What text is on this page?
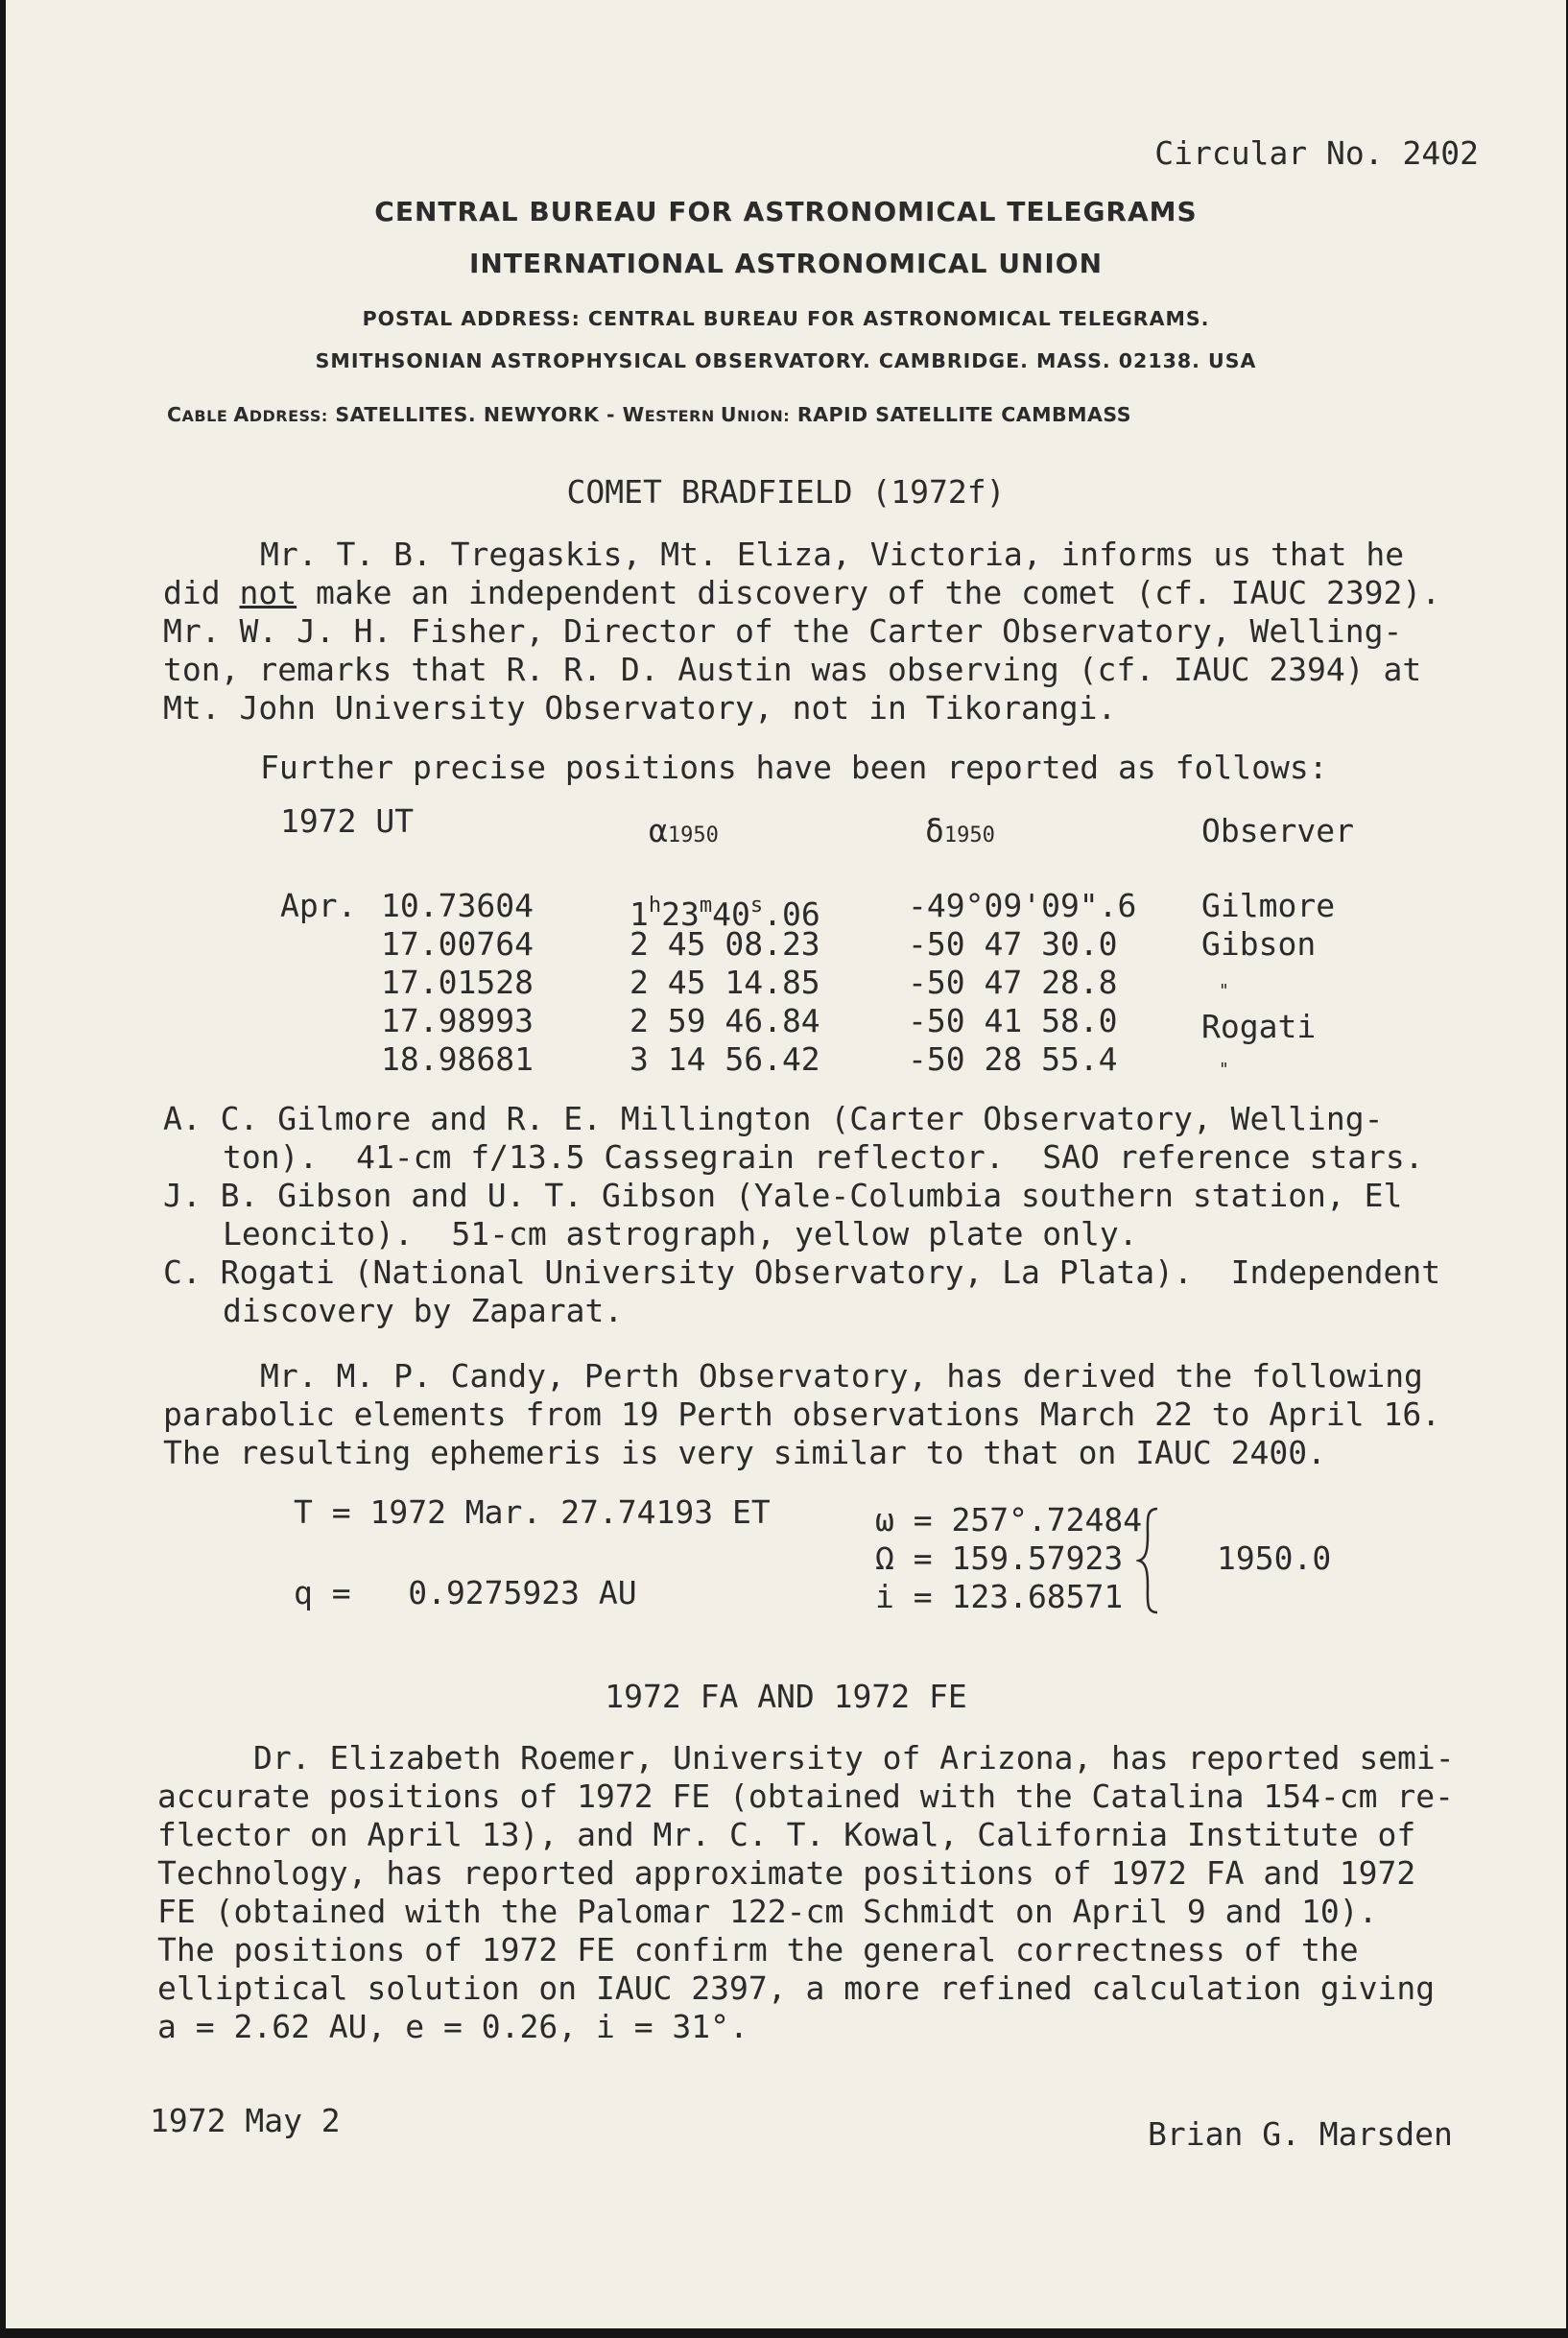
Circular No. 2402
CENTRAL BUREAU FOR ASTRONOMICAL TELEGRAMS
INTERNATIONAL ASTRONOMICAL UNION
POSTAL ADDRESS: CENTRAL BUREAU FOR ASTRONOMICAL TELEGRAMS.
SMITHSONIAN ASTROPHYSICAL OBSERVATORY. CAMBRIDGE. MASS. 02138. USA
CABLE ADDRESS: SATELLITES. NEWYORK - WESTERN UNION: RAPID SATELLITE CAMBMASS
COMET BRADFIELD (1972f)
Mr. T. B. Tregaskis, Mt. Eliza, Victoria, informs us that he
did not make an independent discovery of the comet (cf. IAUC 2392).
Mr. W. J. H. Fisher, Director of the Carter Observatory, Welling-
ton, remarks that R. R. D. Austin was observing (cf. IAUC 2394) at
Mt. John University Observatory, not in Tikorangi.
Further precise positions have been reported as follows:
1972 UT	α1950	δ1950	Observer
Apr. 10.73604	1$^h$23$^m$40$^s$.06	-49°09'09".6 Gilmore
17.00764	2 45 08.23	-50 47 30.0	Gibson
17.01528	2 45 14.85	-50 47 28.8	"
17.98993	2 59 46.84	-50 41 58.0	Rogati
18.98681	3 14 56.42	-50 28 55.4	"
A. C. Gilmore and R. E. Millington (Carter Observatory, Welling-
ton).  41-cm f/13.5 Cassegrain reflector.  SAO reference stars.
J. B. Gibson and U. T. Gibson (Yale-Columbia southern station, El
Leoncito).  51-cm astrograph, yellow plate only.
C. Rogati (National University Observatory, La Plata).  Independent
discovery by Zaparat.
Mr. M. P. Candy, Perth Observatory, has derived the following
parabolic elements from 19 Perth observations March 22 to April 16.
The resulting ephemeris is very similar to that on IAUC 2400.
T = 1972 Mar. 27.74193 ET
q =   0.9275923 AU
ω = 257°.72484
Ω = 159.57923
i = 123.68571
1950.0
1972 FA AND 1972 FE
Dr. Elizabeth Roemer, University of Arizona, has reported semi-
accurate positions of 1972 FE (obtained with the Catalina 154-cm re-
flector on April 13), and Mr. C. T. Kowal, California Institute of
Technology, has reported approximate positions of 1972 FA and 1972
FE (obtained with the Palomar 122-cm Schmidt on April 9 and 10).
The positions of 1972 FE confirm the general correctness of the
elliptical solution on IAUC 2397, a more refined calculation giving
a = 2.62 AU, e = 0.26, i = 31°.
1972 May 2	Brian G. Marsden
